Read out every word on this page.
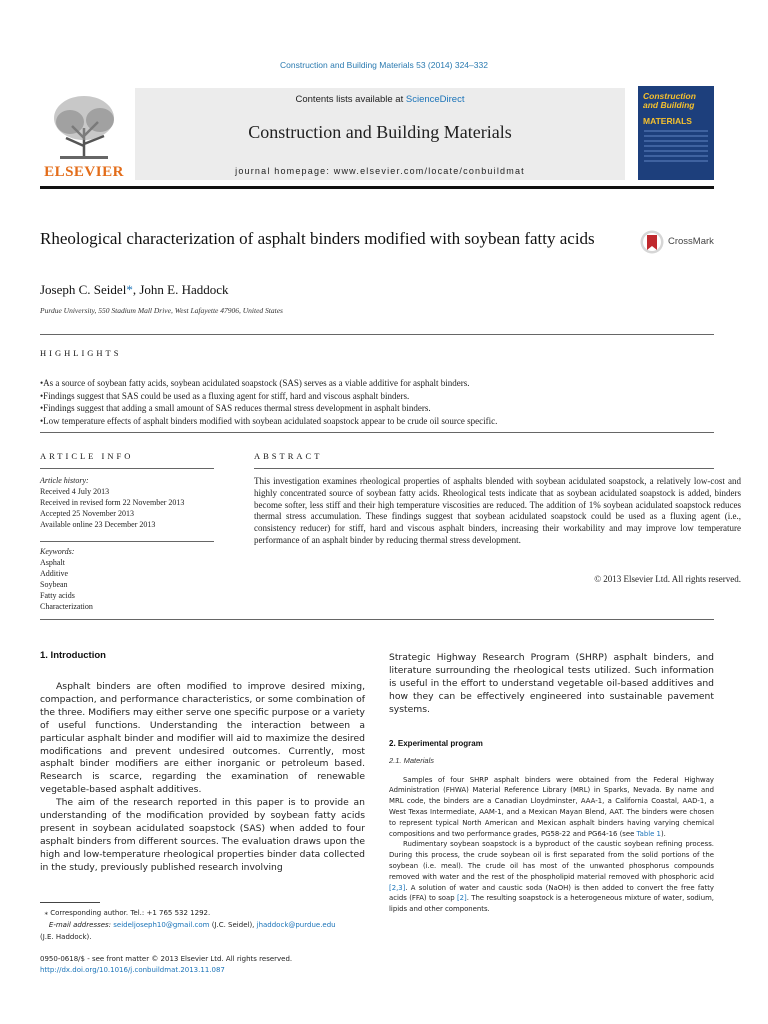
Construction and Building Materials 53 (2014) 324–332
ELSEVIER
Contents lists available at ScienceDirect
Construction and Building Materials
journal homepage: www.elsevier.com/locate/conbuildmat
Construction and Building
MATERIALS
Rheological characterization of asphalt binders modified with soybean fatty acids	CrossMark
Joseph C. Seidel*, John E. Haddock
Purdue University, 550 Stadium Mall Drive, West Lafayette 47906, United States
HIGHLIGHTS
• As a source of soybean fatty acids, soybean acidulated soapstock (SAS) serves as a viable additive for asphalt binders.
• Findings suggest that SAS could be used as a fluxing agent for stiff, hard and viscous asphalt binders.
• Findings suggest that adding a small amount of SAS reduces thermal stress development in asphalt binders.
• Low temperature effects of asphalt binders modified with soybean acidulated soapstock appear to be crude oil source specific.
ARTICLE INFO
Article history:
Received 4 July 2013
Received in revised form 22 November 2013
Accepted 25 November 2013
Available online 23 December 2013
Keywords:
Asphalt
Additive
Soybean
Fatty acids
Characterization
ABSTRACT
This investigation examines rheological properties of asphalts blended with soybean acidulated soapstock, a relatively low-cost and highly concentrated source of soybean fatty acids. Rheological tests indicate that as soybean acidulated soapstock is added, binders become softer, less stiff and their high temperature viscosities are reduced. The addition of 1% soybean acidulated soapstock reduces thermal stress accumulation. These findings suggest that soybean acidulated soapstock could be used as a fluxing agent (i.e., consistency reducer) for stiff, hard and viscous asphalt binders, increasing their workability and may improve low temperature performance of an asphalt binder by reducing thermal stress development.
© 2013 Elsevier Ltd. All rights reserved.
1. Introduction

Asphalt binders are often modified to improve desired mixing, compaction, and performance characteristics, or some combination of the three. Modifiers may either serve one specific purpose or a variety of useful functions. Understanding the interaction between a particular asphalt binder and modifier will aid to maximize the desired modifications and prevent undesired outcomes. Currently, most asphalt binder modifiers are either inorganic or petroleum based. Research is scarce, regarding the examination of renewable vegetable-based asphalt additives.

The aim of the research reported in this paper is to provide an understanding of the modification provided by soybean fatty acids present in soybean acidulated soapstock (SAS) when added to four asphalt binders from different sources. The evaluation draws upon the high and low-temperature rheological properties binder data collected in the study, previously published research involving

Strategic Highway Research Program (SHRP) asphalt binders, and literature surrounding the rheological tests utilized. Such information is useful in the effort to understand vegetable oil-based additives and how they can be effectively engineered into sustainable pavement systems.

2. Experimental program
2.1. Materials

Samples of four SHRP asphalt binders were obtained from the Federal Highway Administration (FHWA) Material Reference Library (MRL) in Sparks, Nevada. By name and MRL code, the binders are a Canadian Lloydminster, AAA-1, a California Coastal, AAD-1, a West Texas Intermediate, AAM-1, and a Mexican Mayan Blend, AAT. The binders were chosen to represent typical North American and Mexican asphalt binders having varying chemical compositions and two performance grades, PG58-22 and PG64-16 (see Table 1).

Rudimentary soybean soapstock is a byproduct of the caustic soybean refining process. During this process, the crude soybean oil is first separated from the solid portions of the soybean (i.e. meal). The crude oil has most of the unwanted phosphorus compounds removed with water and the rest of the phospholipid material removed with phosphoric acid [2,3]. A solution of water and caustic soda (NaOH) is then added to convert the free fatty acids (FFA) to soap [2]. The resulting soapstock is a heterogeneous mixture of water, sodium, lipids and other components.

⁎ Corresponding author. Tel.: +1 765 532 1292.
E-mail addresses: seideljoseph10@gmail.com (J.C. Seidel), jhaddock@purdue.edu
(J.E. Haddock).
0950-0618/$ - see front matter © 2013 Elsevier Ltd. All rights reserved.
http://dx.doi.org/10.1016/j.conbuildmat.2013.11.087
